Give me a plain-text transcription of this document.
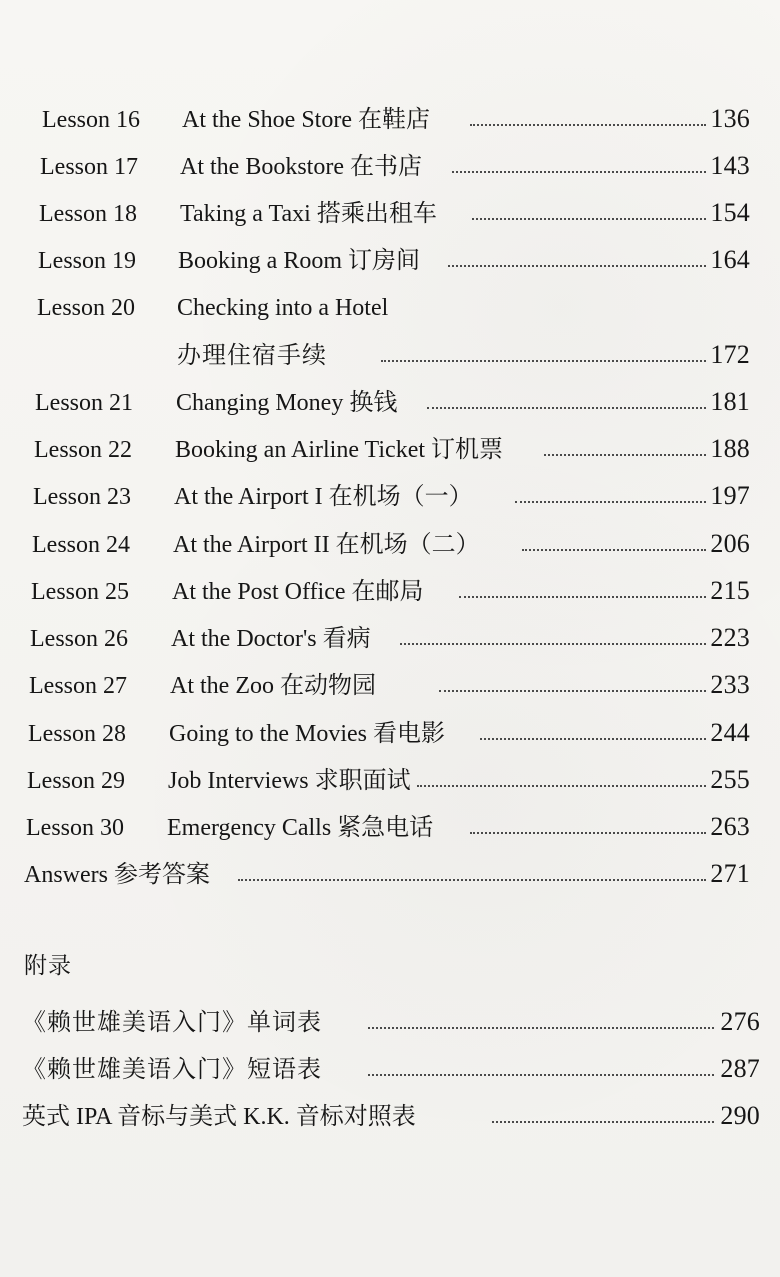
Lesson 16	At the Shoe Store 在鞋店	136
Lesson 17	At the Bookstore 在书店	143
Lesson 18	Taking a Taxi 搭乘出租车	154
Lesson 19	Booking a Room 订房间	164
Lesson 20	Checking into a Hotel
办理住宿手续	172
Lesson 21	Changing Money 换钱	181
Lesson 22	Booking an Airline Ticket 订机票	188
Lesson 23	At the Airport I 在机场（一）	197
Lesson 24	At the Airport II 在机场（二）	206
Lesson 25	At the Post Office 在邮局	215
Lesson 26	At the Doctor's 看病	223
Lesson 27	At the Zoo 在动物园	233
Lesson 28	Going to the Movies 看电影	244
Lesson 29	Job Interviews 求职面试	255
Lesson 30	Emergency Calls 紧急电话	263
Answers 参考答案	271
附录
《赖世雄美语入门》单词表	276
《赖世雄美语入门》短语表	287
英式 IPA 音标与美式 K.K. 音标对照表	290
